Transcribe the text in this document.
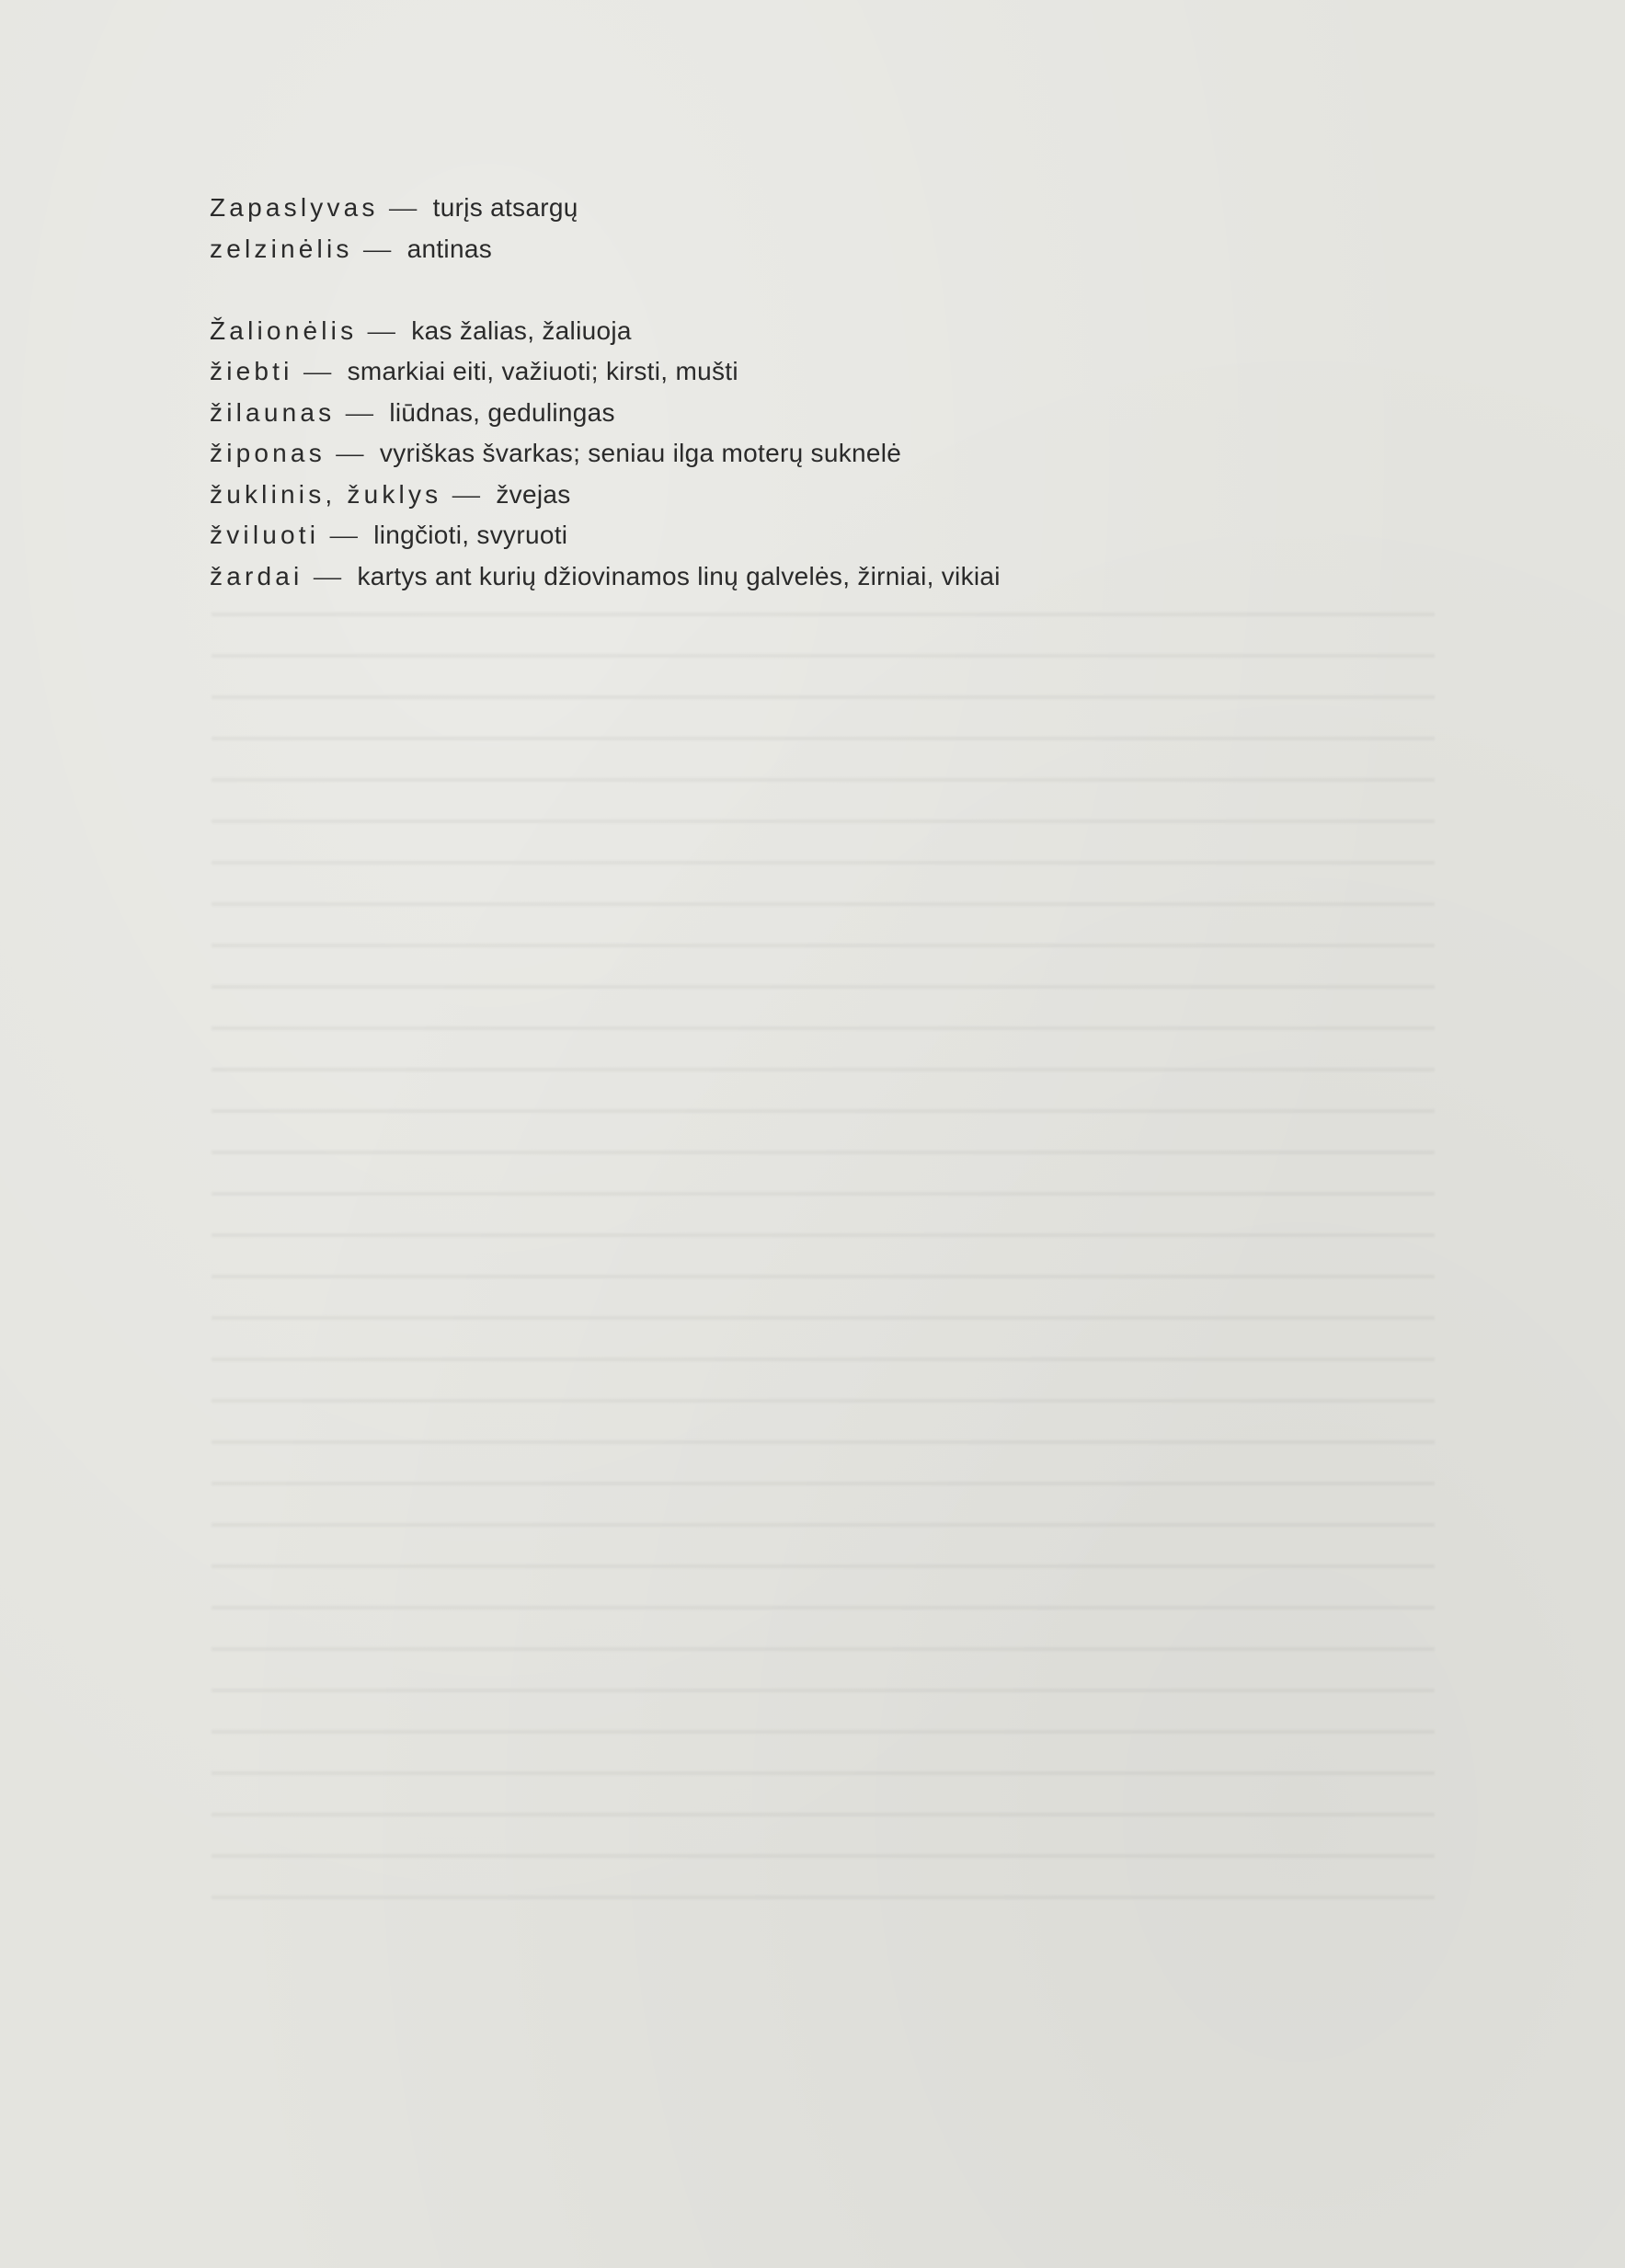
Zapaslyvas — turįs atsargų
zelzinėlis — antinas
Žalionėlis — kas žalias, žaliuoja
žiebti — smarkiai eiti, važiuoti; kirsti, mušti
žilaunas — liūdnas, gedulingas
žiponas — vyriškas švarkas; seniau ilga moterų suknelė
žuklinis, žuklys — žvejas
žviluoti — lingčioti, svyruoti
žardai — kartys ant kurių džiovinamos linų galvelės, žirniai, vikiai
